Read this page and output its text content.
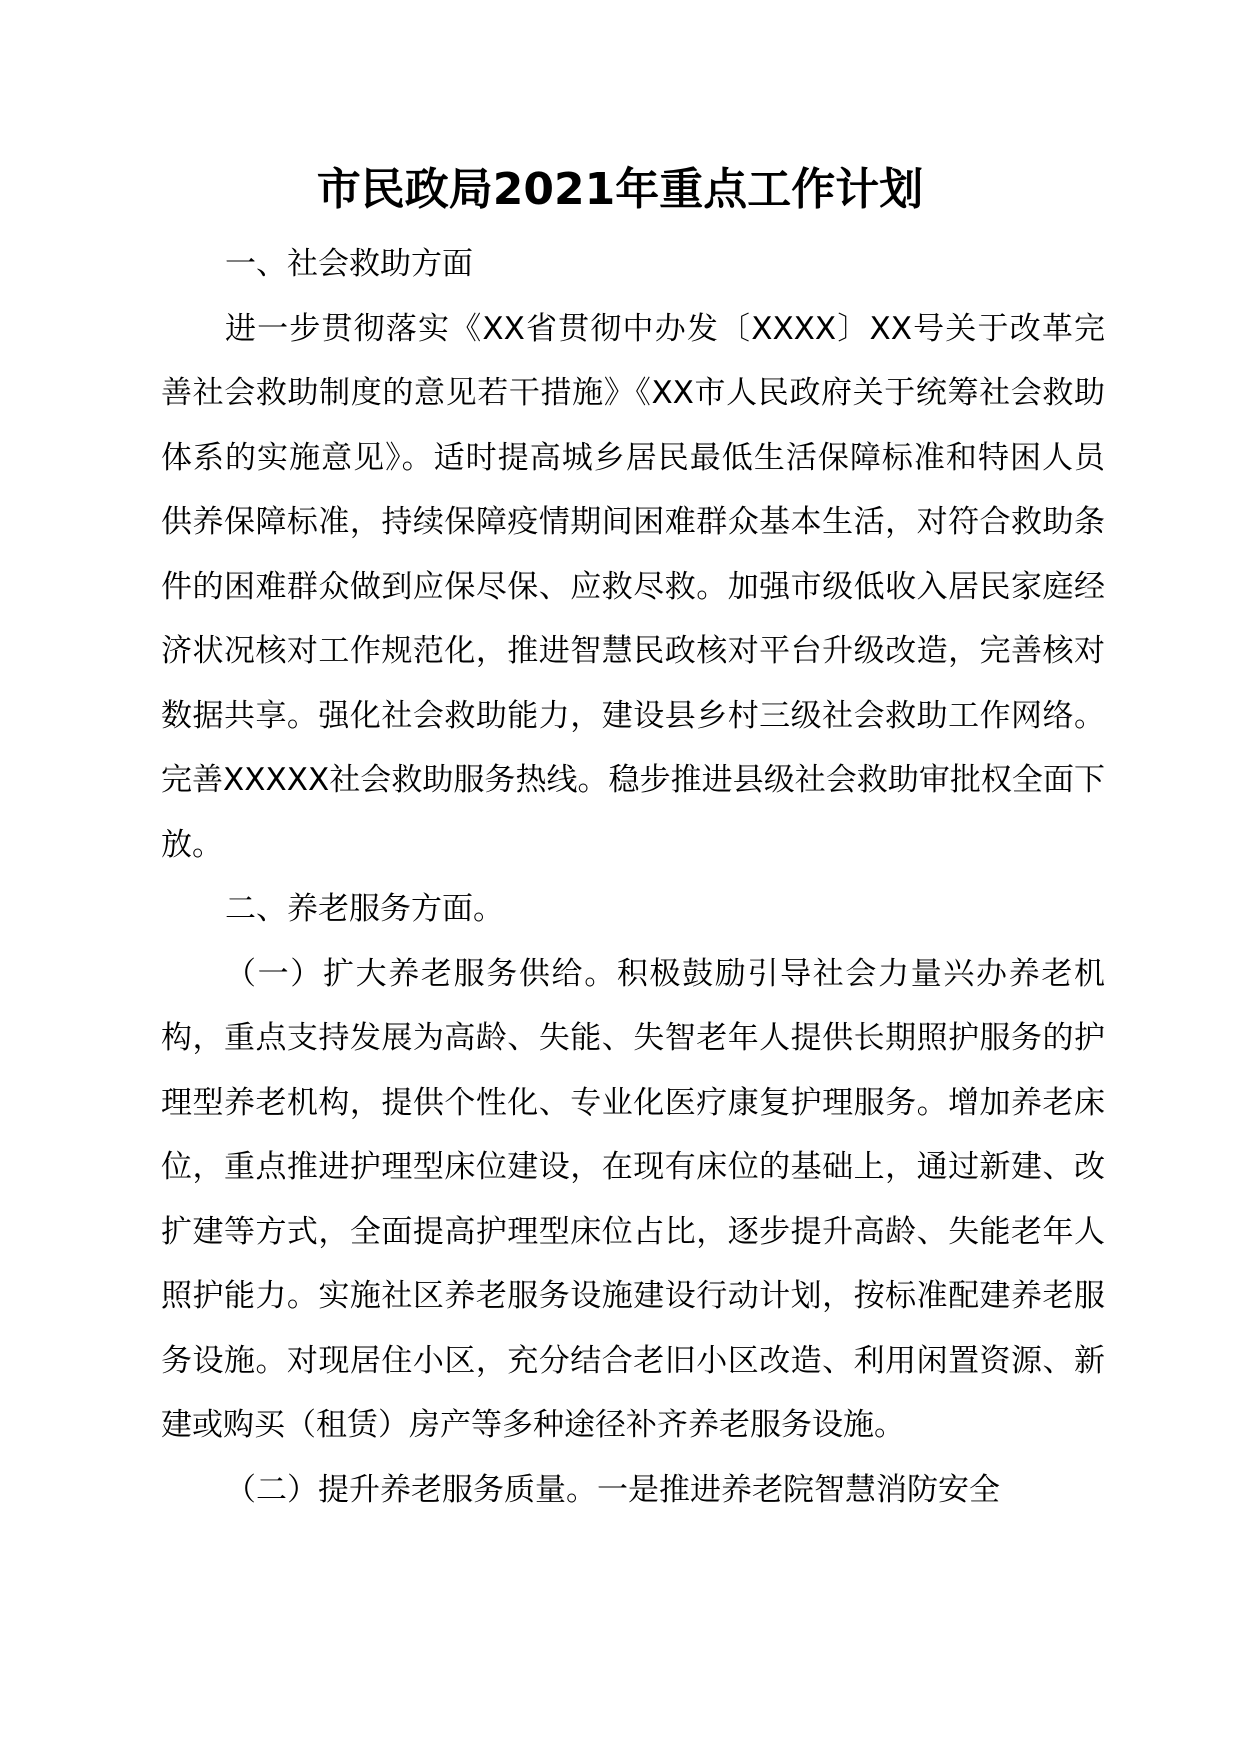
市民政局2021年重点工作计划

一、社会救助方面

进一步贯彻落实《XX省贯彻中办发〔XXXX〕XX号关于改革完善社会救助制度的意见若干措施》《XX市人民政府关于统筹社会救助体系的实施意见》。适时提高城乡居民最低生活保障标准和特困人员供养保障标准，持续保障疫情期间困难群众基本生活，对符合救助条件的困难群众做到应保尽保、应救尽救。加强市级低收入居民家庭经济状况核对工作规范化，推进智慧民政核对平台升级改造，完善核对数据共享。强化社会救助能力，建设县乡村三级社会救助工作网络。完善XXXXX社会救助服务热线。稳步推进县级社会救助审批权全面下放。

二、养老服务方面。

（一）扩大养老服务供给。积极鼓励引导社会力量兴办养老机构，重点支持发展为高龄、失能、失智老年人提供长期照护服务的护理型养老机构，提供个性化、专业化医疗康复护理服务。增加养老床位，重点推进护理型床位建设，在现有床位的基础上，通过新建、改扩建等方式，全面提高护理型床位占比，逐步提升高龄、失能老年人照护能力。实施社区养老服务设施建设行动计划，按标准配建养老服务设施。对现居住小区，充分结合老旧小区改造、利用闲置资源、新建或购买（租赁）房产等多种途径补齐养老服务设施。

（二）提升养老服务质量。一是推进养老院智慧消防安全
